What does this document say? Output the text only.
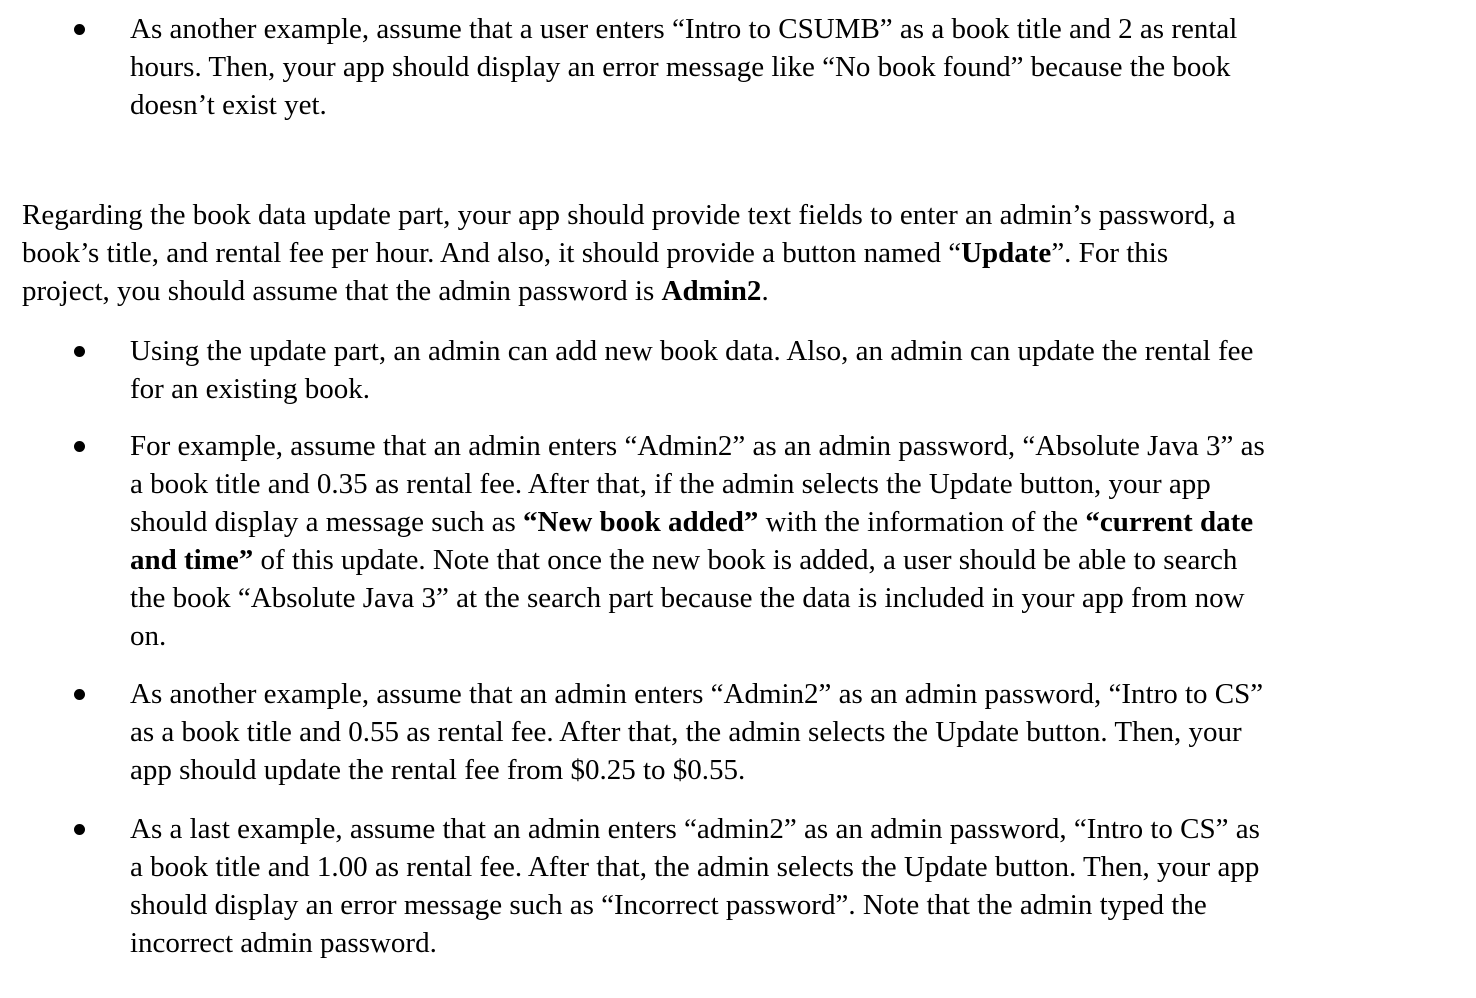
As another example, assume that a user enters “Intro to CSUMB” as a book title and 2 as rental
hours. Then, your app should display an error message like “No book found” because the book
doesn’t exist yet.
Regarding the book data update part, your app should provide text fields to enter an admin’s password, a
book’s title, and rental fee per hour. And also, it should provide a button named “Update”. For this
project, you should assume that the admin password is Admin2.
Using the update part, an admin can add new book data. Also, an admin can update the rental fee
for an existing book.
For example, assume that an admin enters “Admin2” as an admin password, “Absolute Java 3” as
a book title and 0.35 as rental fee. After that, if the admin selects the Update button, your app
should display a message such as “New book added” with the information of the “current date
and time” of this update. Note that once the new book is added, a user should be able to search
the book “Absolute Java 3” at the search part because the data is included in your app from now
on.
As another example, assume that an admin enters “Admin2” as an admin password, “Intro to CS”
as a book title and 0.55 as rental fee. After that, the admin selects the Update button. Then, your
app should update the rental fee from $0.25 to $0.55.
As a last example, assume that an admin enters “admin2” as an admin password, “Intro to CS” as
a book title and 1.00 as rental fee. After that, the admin selects the Update button. Then, your app
should display an error message such as “Incorrect password”. Note that the admin typed the
incorrect admin password.
